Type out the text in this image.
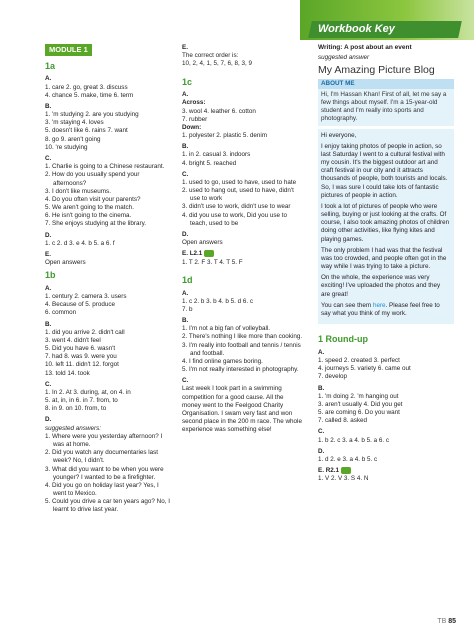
Workbook Key
MODULE 1
1a
A.
1. care 2. go, great 3. discuss
4. chance 5. make, time 6. term
B.
1. 'm studying 2. are you studying
3. 'm staying 4. loves
5. doesn't like 6. rains 7. want
8. go 9. aren't going
10. 're studying
C.
1. Charlie is going to a Chinese restaurant.
2. How do you usually spend your afternoons?
3. I don't like museums.
4. Do you often visit your parents?
5. We aren't going to the match.
6. He isn't going to the cinema.
7. She enjoys studying at the library.
D.
1. c 2. d 3. e 4. b 5. a 6. f
E.
Open answers
1b
A.
1. century 2. camera 3. users
4. Because of 5. produce
6. common
B.
1. did you arrive 2. didn't call
3. went 4. didn't feel
5. Did you have 6. wasn't
7. had 8. was 9. were you
10. left 11. didn't 12. forgot
13. told 14. took
C.
1. In 2. At 3. during, at, on 4. in
5. at, in, in 6. in 7. from, to
8. in 9. on 10. from, to
D.
suggested answers:
1. Where were you yesterday afternoon? I was at home.
2. Did you watch any documentaries last week? No, I didn't.
3. What did you want to be when you were younger? I wanted to be a firefighter.
4. Did you go on holiday last year? Yes, I went to Mexico.
5. Could you drive a car ten years ago? No, I learnt to drive last year.
E.
The correct order is:
10, 2, 4, 1, 5, 7, 6, 8, 3, 9
1c
A.
Across:
3. wool 4. leather 6. cotton
7. rubber
Down:
1. polyester 2. plastic 5. denim
B.
1. in 2. casual 3. indoors
4. bright 5. reached
C.
1. used to go, used to have, used to hate
2. used to hang out, used to have, didn't use to work
3. didn't use to work, didn't use to wear
4. did you use to work, Did you use to teach, used to be
D.
Open answers
E. L2.1
1. T 2. F 3. T 4. T 5. F
1d
A.
1. c 2. b 3. b 4. b 5. d 6. c
7. b
B.
1. I'm not a big fan of volleyball.
2. There's nothing I like more than cooking.
3. I'm really into football and tennis / tennis and football.
4. I find online games boring.
5. I'm not really interested in photography.
C.
Last week I took part in a swimming competition for a good cause. All the money went to the Feelgood Charity Organisation. I swam very fast and won second place in the 200 m race. The whole experience was something else!
Writing: A post about an event
suggested answer
My Amazing Picture Blog
ABOUT ME
Hi, I'm Hassan Khan! First of all, let me say a few things about myself. I'm a 15-year-old student and I'm really into sports and photography.

Hi everyone,

I enjoy taking photos of people in action, so last Saturday I went to a cultural festival with my cousin. It's the biggest outdoor art and craft festival in our city and it attracts thousands of people, both tourists and locals. So, I was sure I could take lots of fantastic pictures of people in action.

I took a lot of pictures of people who were selling, buying or just looking at the crafts. Of course, I also took amazing photos of children doing other activities, like flying kites and playing games.

The only problem I had was that the festival was too crowded, and people often got in the way while I was trying to take a picture.

On the whole, the experience was very exciting! I've uploaded the photos and they are great!

You can see them here. Please feel free to say what you think of my work.

1 Round-up
A.
1. speed 2. created 3. perfect
4. journeys 5. variety 6. came out
7. develop
B.
1. 'm doing 2. 'm hanging out
3. aren't usually 4. Did you get
5. are coming 6. Do you want
7. called 8. asked
C.
1. b 2. c 3. a 4. b 5. a 6. c
D.
1. d 2. e 3. a 4. b 5. c
E. R2.1
1. V 2. V 3. S 4. N
TB 85
